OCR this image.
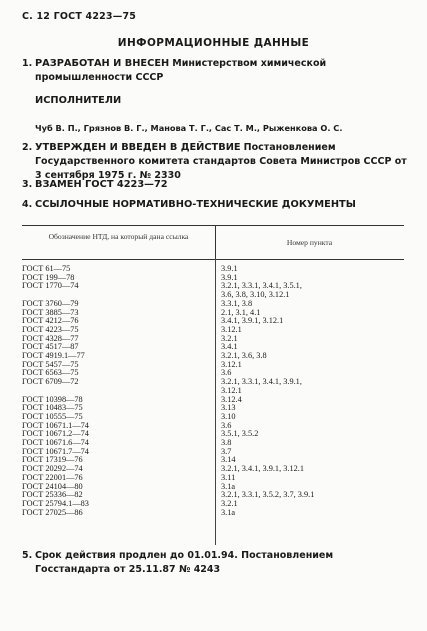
С. 12 ГОСТ 4223—75
ИНФОРМАЦИОННЫЕ ДАННЫЕ
1. РАЗРАБОТАН И ВНЕСЕН Министерством химической промышленности СССР
ИСПОЛНИТЕЛИ
Чуб В. П., Грязнов В. Г., Манова Т. Г., Сас Т. М., Рыженкова О. С.
2. УТВЕРЖДЕН И ВВЕДЕН В ДЕЙСТВИЕ Постановлением Государственного комитета стандартов Совета Министров СССР от 3 сентября 1975 г. № 2330
3. ВЗАМЕН ГОСТ 4223—72
4. ССЫЛОЧНЫЕ НОРМАТИВНО-ТЕХНИЧЕСКИЕ ДОКУМЕНТЫ
Обозначение НТД, на который дана ссылка
Номер пункта
ГОСТ 61—75	3.9.1
ГОСТ 199—78	3.9.1
ГОСТ 1770—74	3.2.1, 3.3.1, 3.4.1, 3.5.1,
3.6, 3.8, 3.10, 3.12.1
ГОСТ 3760—79	3.3.1, 3.8
ГОСТ 3885—73	2.1, 3.1, 4.1
ГОСТ 4212—76	3.4.1, 3.9.1, 3.12.1
ГОСТ 4223—75	3.12.1
ГОСТ 4328—77	3.2.1
ГОСТ 4517—87	3.4.1
ГОСТ 4919.1—77	3.2.1, 3.6, 3.8
ГОСТ 5457—75	3.12.1
ГОСТ 6563—75	3.6
ГОСТ 6709—72	3.2.1, 3.3.1, 3.4.1, 3.9.1,
3.12.1
ГОСТ 10398—78	3.12.4
ГОСТ 10483—75	3.13
ГОСТ 10555—75	3.10
ГОСТ 10671.1—74	3.6
ГОСТ 10671.2—74	3.5.1, 3.5.2
ГОСТ 10671.6—74	3.8
ГОСТ 10671.7—74	3.7
ГОСТ 17319—76	3.14
ГОСТ 20292—74	3.2.1, 3.4.1, 3.9.1, 3.12.1
ГОСТ 22001—76	3.11
ГОСТ 24104—80	3.1а
ГОСТ 25336—82	3.2.1, 3.3.1, 3.5.2, 3.7, 3.9.1
ГОСТ 25794.1—83	3.2.1
ГОСТ 27025—86	3.1а
5. Срок действия продлен до 01.01.94. Постановлением Госстандарта от 25.11.87 № 4243
